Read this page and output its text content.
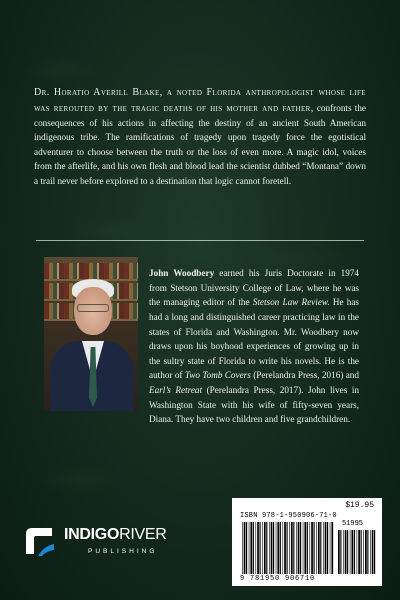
Dr. Horatio Averill Blake, a noted Florida anthropologist whose life was rerouted by the tragic deaths of his mother and father, confronts the consequences of his actions in affecting the destiny of an ancient South American indigenous tribe. The ramifications of tragedy upon tragedy force the egotistical adventurer to choose between the truth or the loss of even more. A magic idol, voices from the afterlife, and his own flesh and blood lead the scientist dubbed “Montana” down a trail never before explored to a destination that logic cannot foretell.

John Woodbery earned his Juris Doctorate in 1974 from Stetson University College of Law, where he was the managing editor of the Stetson Law Review. He has had a long and distinguished career practicing law in the states of Florida and Washington. Mr. Woodbery now draws upon his boyhood experiences of growing up in the sultry state of Florida to write his novels. He is the author of Two Tomb Covers (Perelandra Press, 2016) and Earl’s Retreat (Perelandra Press, 2017). John lives in Washington State with his wife of fifty-seven years, Diana. They have two children and five grandchildren.

INDIGORIVER
PUBLISHING
$19.95
ISBN 978-1-950906-71-0
51995
9 781950 906710
